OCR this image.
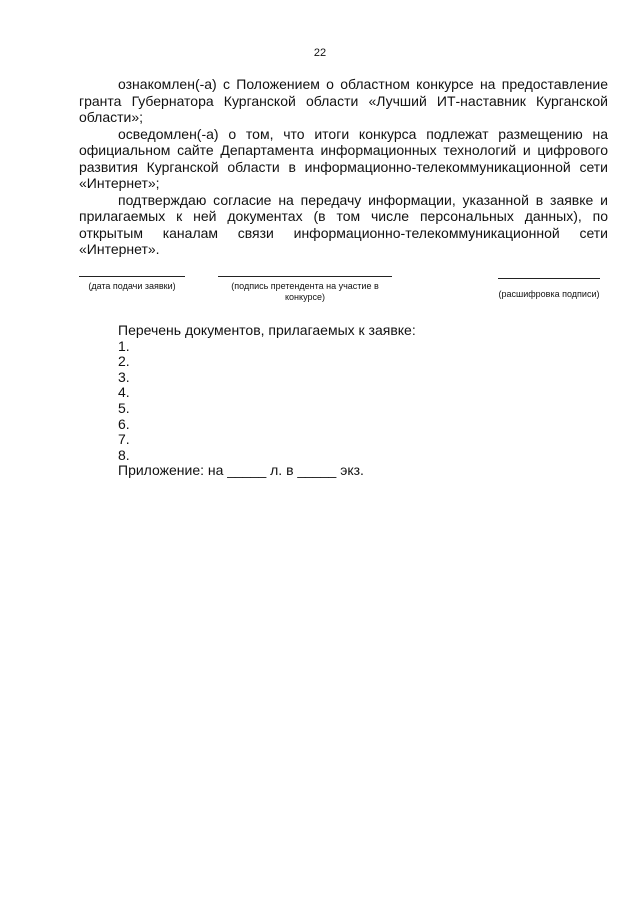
22

ознакомлен(-а) с Положением о областном конкурсе на предоставление гранта Губернатора Курганской области «Лучший ИТ-наставник Курганской области»;

осведомлен(-а) о том, что итоги конкурса подлежат размещению на официальном сайте Департамента информационных технологий и цифрового развития Курганской области в информационно-телекоммуникационной сети «Интернет»;

подтверждаю согласие на передачу информации, указанной в заявке и прилагаемых к ней документах (в том числе персональных данных), по открытым каналам связи информационно-телекоммуникационной сети «Интернет».

(дата подачи заявки)	(подпись претендента на участие в конкурсе)	(расшифровка подписи)
Перечень документов, прилагаемых к заявке:
1.
2.
3.
4.
5.
6.
7.
8.
Приложение: на _____ л. в _____ экз.
